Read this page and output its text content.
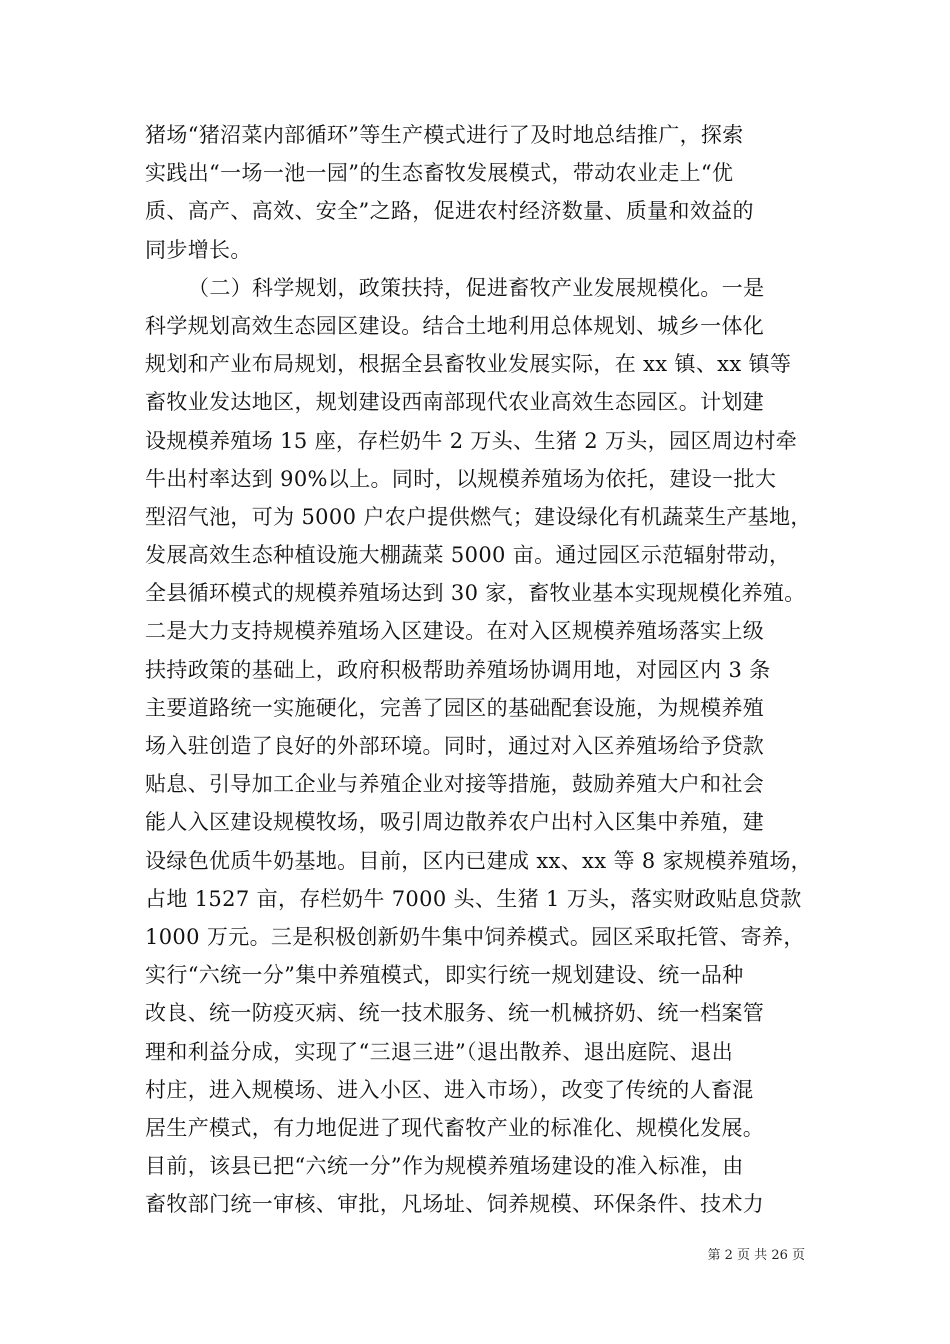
猪场“猪沼菜内部循环”等生产模式进行了及时地总结推广，探索
实践出“一场一池一园”的生态畜牧发展模式，带动农业走上“优
质、高产、高效、安全”之路，促进农村经济数量、质量和效益的
同步增长。
（二）科学规划，政策扶持，促进畜牧产业发展规模化。一是
科学规划高效生态园区建设。结合土地利用总体规划、城乡一体化
规划和产业布局规划，根据全县畜牧业发展实际，在 xx 镇、xx 镇等
畜牧业发达地区，规划建设西南部现代农业高效生态园区。计划建
设规模养殖场 15 座，存栏奶牛 2 万头、生猪 2 万头，园区周边村牵
牛出村率达到 90%以上。同时，以规模养殖场为依托，建设一批大
型沼气池，可为 5000 户农户提供燃气；建设绿化有机蔬菜生产基地，
发展高效生态种植设施大棚蔬菜 5000 亩。通过园区示范辐射带动，
全县循环模式的规模养殖场达到 30 家，畜牧业基本实现规模化养殖。
二是大力支持规模养殖场入区建设。在对入区规模养殖场落实上级
扶持政策的基础上，政府积极帮助养殖场协调用地，对园区内 3 条
主要道路统一实施硬化，完善了园区的基础配套设施，为规模养殖
场入驻创造了良好的外部环境。同时，通过对入区养殖场给予贷款
贴息、引导加工企业与养殖企业对接等措施，鼓励养殖大户和社会
能人入区建设规模牧场，吸引周边散养农户出村入区集中养殖，建
设绿色优质牛奶基地。目前，区内已建成 xx、xx 等 8 家规模养殖场，
占地 1527 亩，存栏奶牛 7000 头、生猪 1 万头，落实财政贴息贷款
1000 万元。三是积极创新奶牛集中饲养模式。园区采取托管、寄养，
实行“六统一分”集中养殖模式，即实行统一规划建设、统一品种
改良、统一防疫灭病、统一技术服务、统一机械挤奶、统一档案管
理和利益分成，实现了“三退三进”（退出散养、退出庭院、退出
村庄，进入规模场、进入小区、进入市场），改变了传统的人畜混
居生产模式，有力地促进了现代畜牧产业的标准化、规模化发展。
目前，该县已把“六统一分”作为规模养殖场建设的准入标准，由
畜牧部门统一审核、审批，凡场址、饲养规模、环保条件、技术力
第 2 页 共 26 页
